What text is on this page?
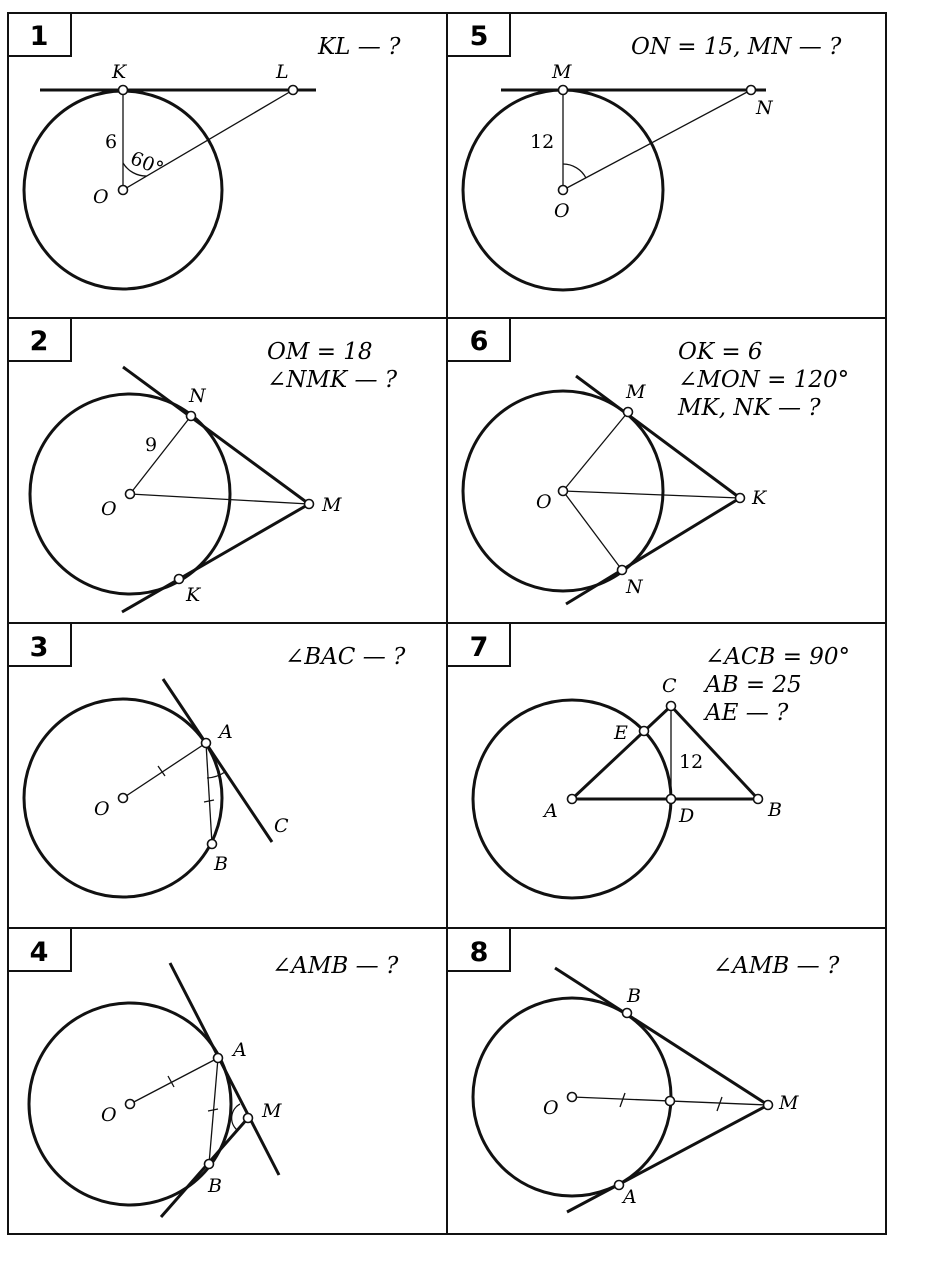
1	KL — ?
K	L
O
6
60°
2	OM = 18
∠NMK — ?
N
M
O
K
9
3	∠BAC — ?
A
O
B
C
4	∠AMB — ?
A
O	M
B
5	ON = 15, MN — ?
M
N
O
12
6	OK = 6
∠MON = 120°
MK, NK — ?
M
O	K
N
7	∠ACB = 90°
AB = 25
AE — ?
C
E
A	D	B
12
8	∠AMB — ?
B
O	M
A
